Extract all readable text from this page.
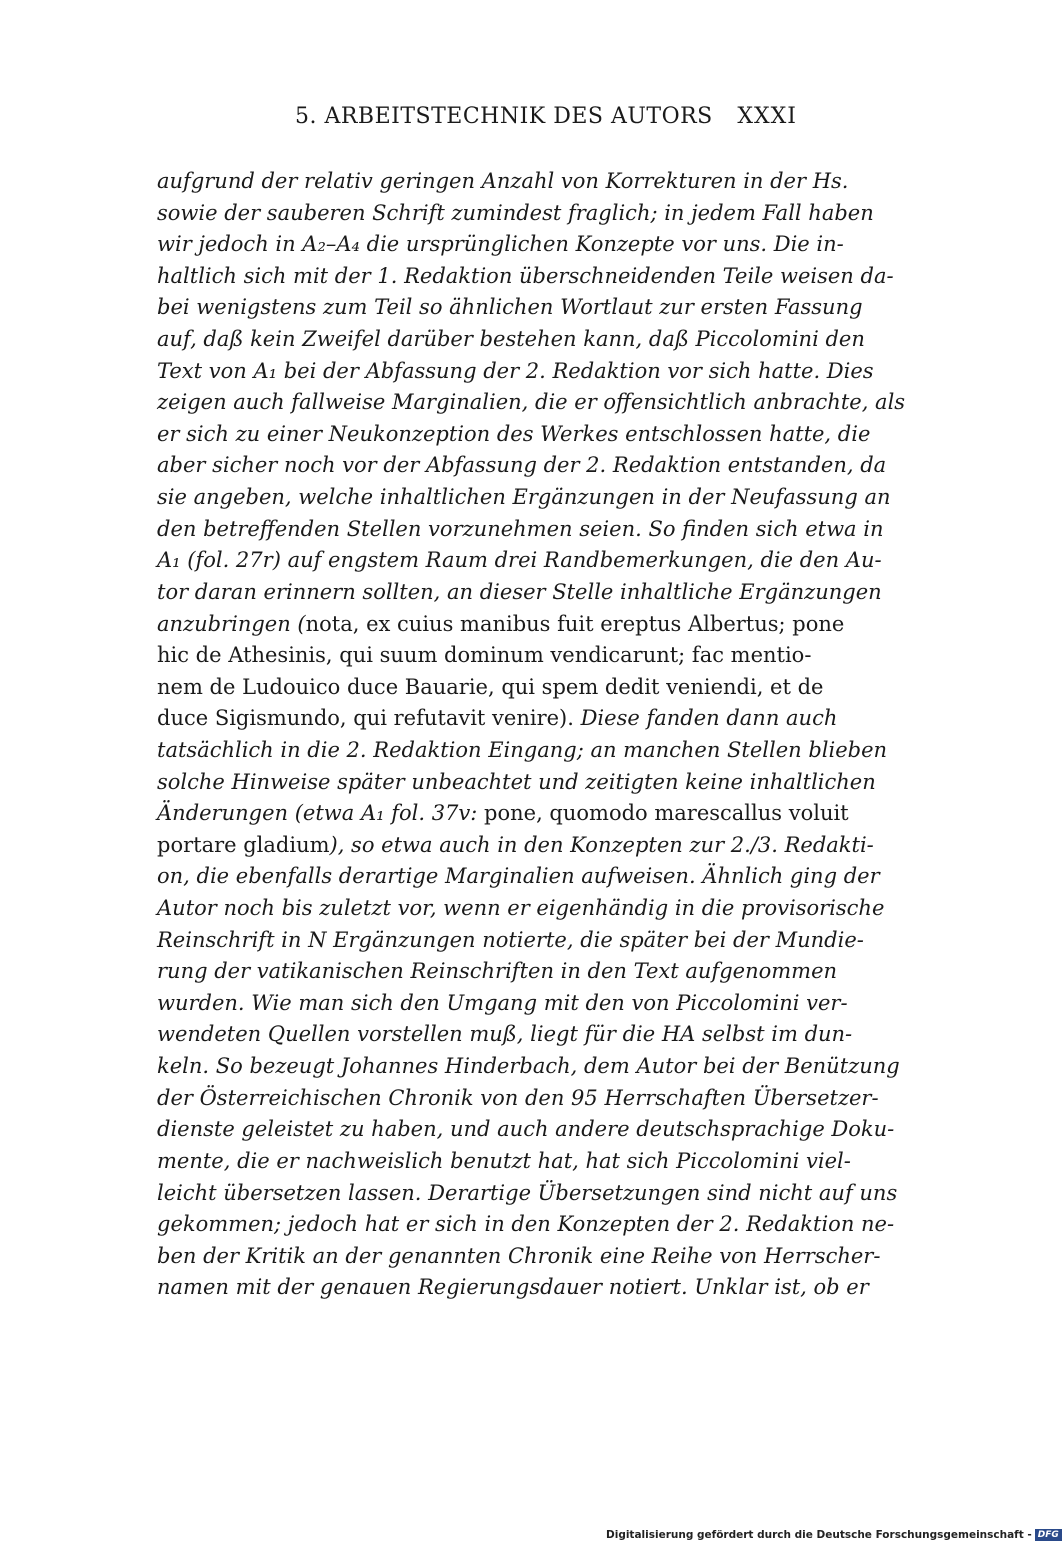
5. ARBEITSTECHNIK DES AUTORS XXXI
aufgrund der relativ geringen Anzahl von Korrekturen in der Hs.
sowie der sauberen Schrift zumindest fraglich; in jedem Fall haben
wir jedoch in A₂–A₄ die ursprünglichen Konzepte vor uns. Die in-
haltlich sich mit der 1. Redaktion überschneidenden Teile weisen da-
bei wenigstens zum Teil so ähnlichen Wortlaut zur ersten Fassung
auf, daß kein Zweifel darüber bestehen kann, daß Piccolomini den
Text von A₁ bei der Abfassung der 2. Redaktion vor sich hatte. Dies
zeigen auch fallweise Marginalien, die er offensichtlich anbrachte, als
er sich zu einer Neukonzeption des Werkes entschlossen hatte, die
aber sicher noch vor der Abfassung der 2. Redaktion entstanden, da
sie angeben, welche inhaltlichen Ergänzungen in der Neufassung an
den betreffenden Stellen vorzunehmen seien. So finden sich etwa in
A₁ (fol. 27r) auf engstem Raum drei Randbemerkungen, die den Au-
tor daran erinnern sollten, an dieser Stelle inhaltliche Ergänzungen
anzubringen (nota, ex cuius manibus fuit ereptus Albertus; pone
hic de Athesinis, qui suum dominum vendicarunt; fac mentio-
nem de Ludouico duce Bauarie, qui spem dedit veniendi, et de
duce Sigismundo, qui refutavit venire). Diese fanden dann auch
tatsächlich in die 2. Redaktion Eingang; an manchen Stellen blieben
solche Hinweise später unbeachtet und zeitigten keine inhaltlichen
Änderungen (etwa A₁ fol. 37v: pone, quomodo marescallus voluit
portare gladium), so etwa auch in den Konzepten zur 2./3. Redakti-
on, die ebenfalls derartige Marginalien aufweisen. Ähnlich ging der
Autor noch bis zuletzt vor, wenn er eigenhändig in die provisorische
Reinschrift in N Ergänzungen notierte, die später bei der Mundie-
rung der vatikanischen Reinschriften in den Text aufgenommen
wurden. Wie man sich den Umgang mit den von Piccolomini ver-
wendeten Quellen vorstellen muß, liegt für die HA selbst im dun-
keln. So bezeugt Johannes Hinderbach, dem Autor bei der Benützung
der Österreichischen Chronik von den 95 Herrschaften Übersetzer-
dienste geleistet zu haben, und auch andere deutschsprachige Doku-
mente, die er nachweislich benutzt hat, hat sich Piccolomini viel-
leicht übersetzen lassen. Derartige Übersetzungen sind nicht auf uns
gekommen; jedoch hat er sich in den Konzepten der 2. Redaktion ne-
ben der Kritik an der genannten Chronik eine Reihe von Herrscher-
namen mit der genauen Regierungsdauer notiert. Unklar ist, ob er
Digitalisierung gefördert durch die Deutsche Forschungsgemeinschaft - DFG
